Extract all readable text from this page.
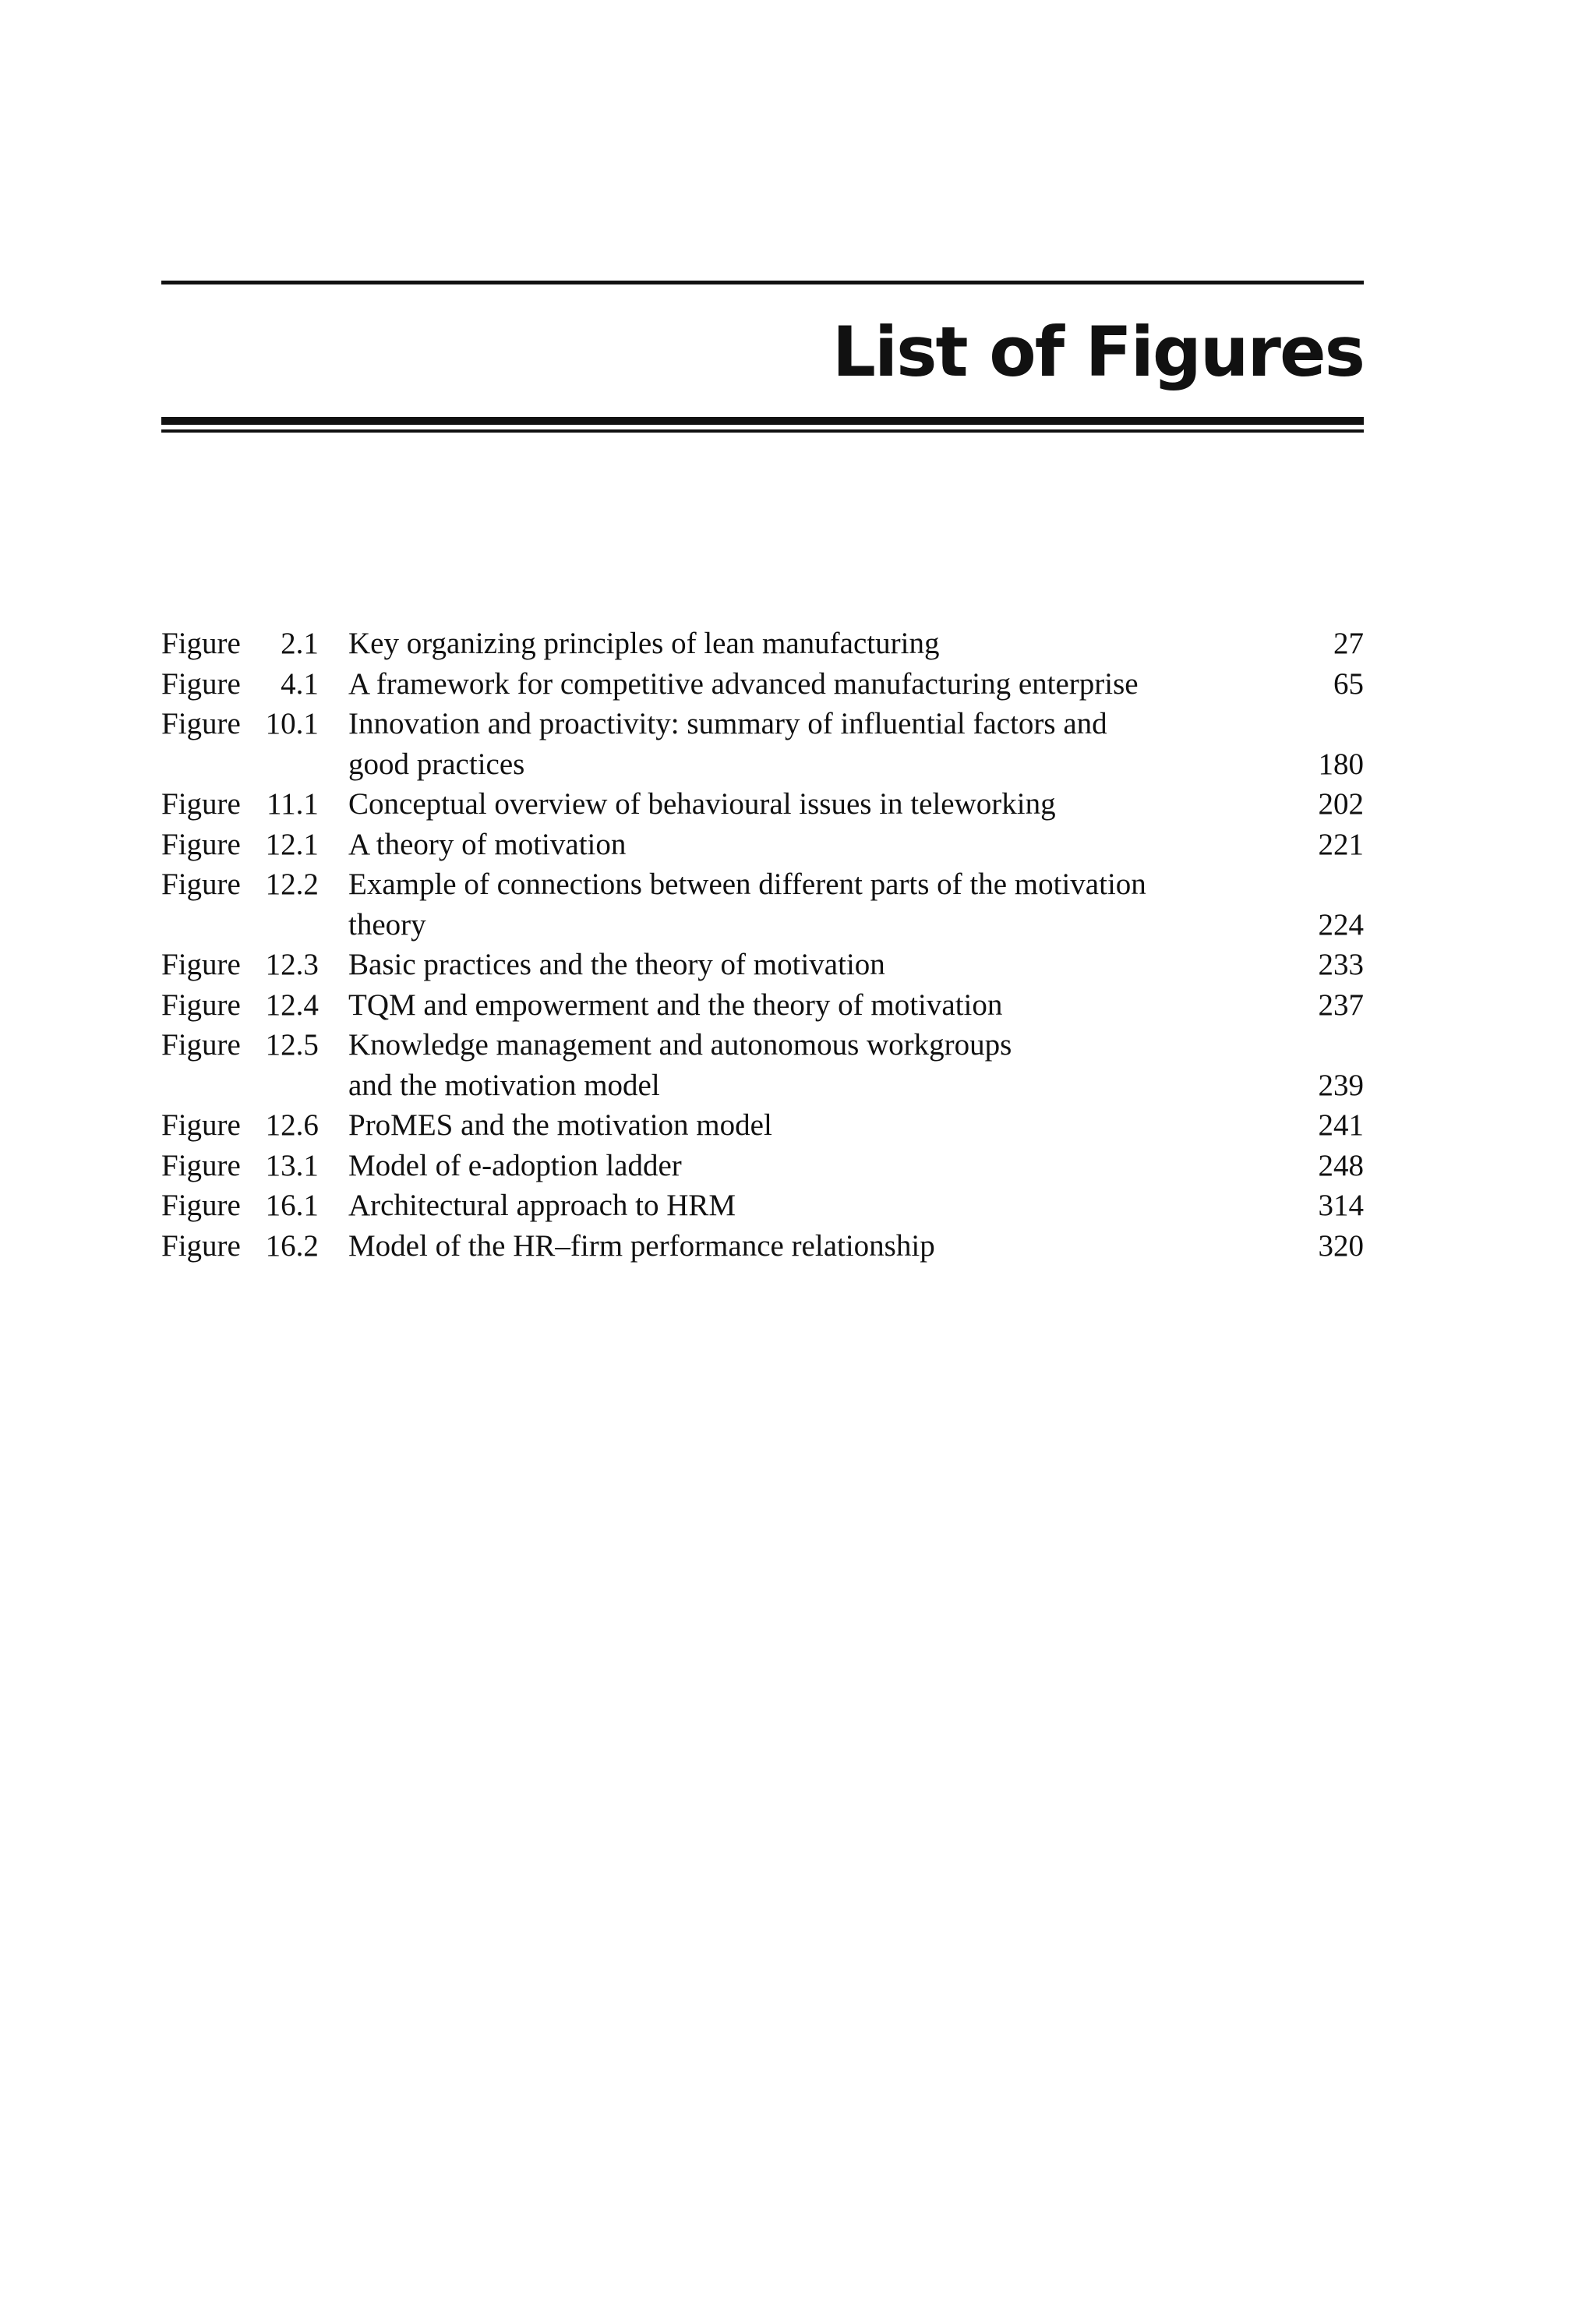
List of Figures
Figure	2.1 Key organizing principles of lean manufacturing	27
Figure	4.1 A framework for competitive advanced manufacturing enterprise	65
Figure 10.1 Innovation and proactivity: summary of influential factors and
good practices	180
Figure 11.1 Conceptual overview of behavioural issues in teleworking	202
Figure 12.1 A theory of motivation	221
Figure 12.2 Example of connections between different parts of the motivation
theory	224
Figure 12.3 Basic practices and the theory of motivation	233
Figure 12.4 TQM and empowerment and the theory of motivation	237
Figure 12.5 Knowledge management and autonomous workgroups
and the motivation model	239
Figure 12.6 ProMES and the motivation model	241
Figure 13.1 Model of e-adoption ladder	248
Figure 16.1 Architectural approach to HRM	314
Figure 16.2 Model of the HR–firm performance relationship	320
